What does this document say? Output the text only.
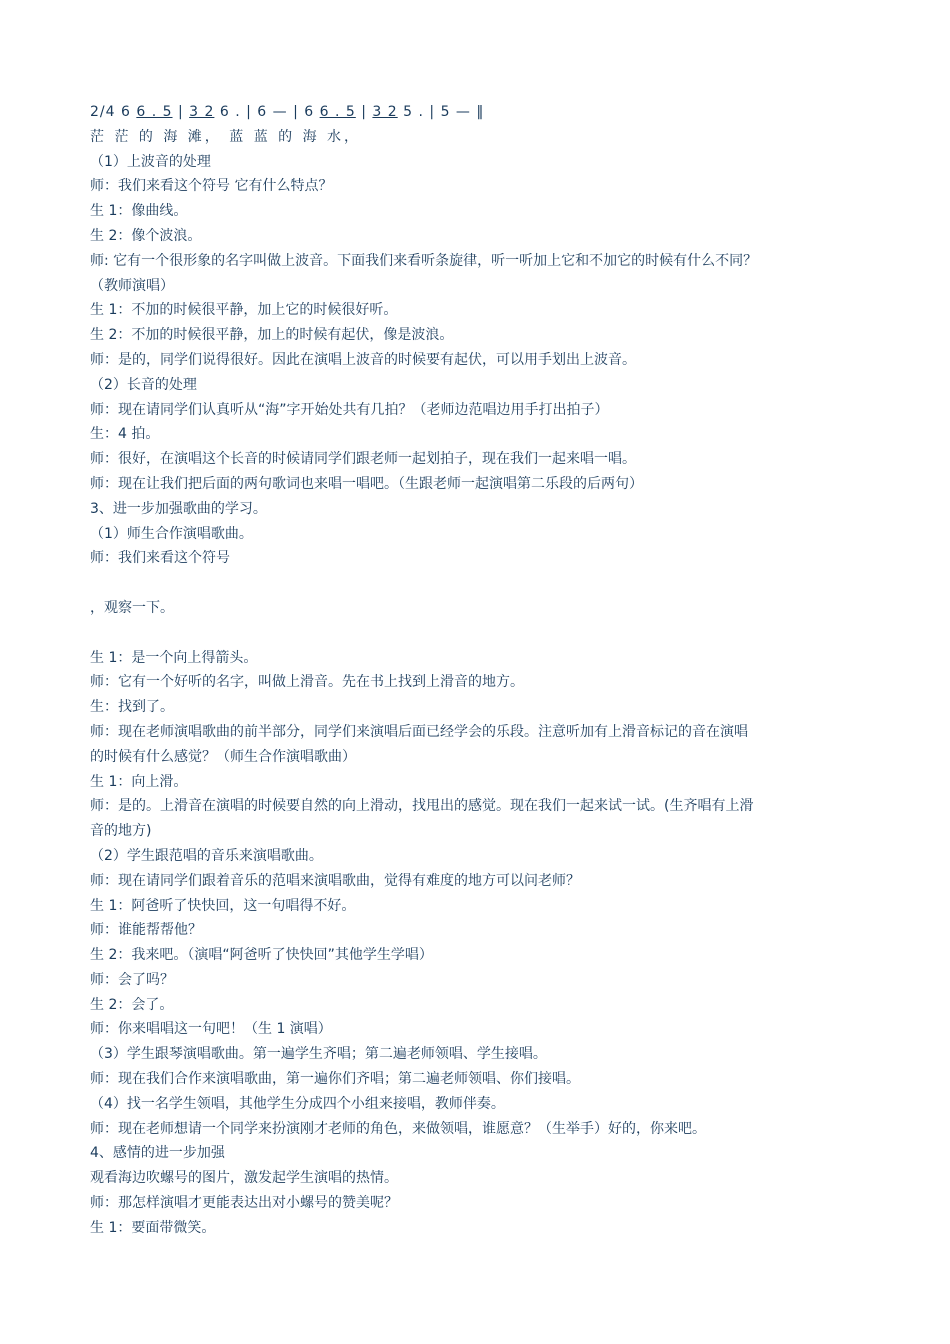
2/4 6 6 . 5 | 3 2 6 . | 6 — | 6 6 . 5 | 3 2 5 . | 5 — ‖
茫 茫 的 海 滩， 蓝 蓝 的 海 水，
（1）上波音的处理
师：我们来看这个符号 它有什么特点？
生 1：像曲线。
生 2：像个波浪。
师: 它有一个很形象的名字叫做上波音。下面我们来看听条旋律，听一听加上它和不加它的时候有什么不同？
（教师演唱）
生 1：不加的时候很平静，加上它的时候很好听。
生 2：不加的时候很平静，加上的时候有起伏，像是波浪。
师：是的，同学们说得很好。因此在演唱上波音的时候要有起伏，可以用手划出上波音。
（2）长音的处理
师：现在请同学们认真听从“海”字开始处共有几拍？（老师边范唱边用手打出拍子）
生：4 拍。
师：很好，在演唱这个长音的时候请同学们跟老师一起划拍子，现在我们一起来唱一唱。
师：现在让我们把后面的两句歌词也来唱一唱吧。（生跟老师一起演唱第二乐段的后两句）
3、进一步加强歌曲的学习。
（1）师生合作演唱歌曲。
师：我们来看这个符号
，观察一下。
生 1：是一个向上得箭头。
师：它有一个好听的名字，叫做上滑音。先在书上找到上滑音的地方。
生：找到了。
师：现在老师演唱歌曲的前半部分，同学们来演唱后面已经学会的乐段。注意听加有上滑音标记的音在演唱
的时候有什么感觉？（师生合作演唱歌曲）
生 1：向上滑。
师：是的。上滑音在演唱的时候要自然的向上滑动，找甩出的感觉。现在我们一起来试一试。(生齐唱有上滑
音的地方)
（2）学生跟范唱的音乐来演唱歌曲。
师：现在请同学们跟着音乐的范唱来演唱歌曲，觉得有难度的地方可以问老师？
生 1：阿爸听了快快回，这一句唱得不好。
师：谁能帮帮他？
生 2：我来吧。（演唱“阿爸听了快快回”其他学生学唱）
师：会了吗？
生 2：会了。
师：你来唱唱这一句吧！（生 1 演唱）
（3）学生跟琴演唱歌曲。第一遍学生齐唱；第二遍老师领唱、学生接唱。
师：现在我们合作来演唱歌曲，第一遍你们齐唱；第二遍老师领唱、你们接唱。
（4）找一名学生领唱，其他学生分成四个小组来接唱，教师伴奏。
师：现在老师想请一个同学来扮演刚才老师的角色，来做领唱，谁愿意？（生举手）好的，你来吧。
4、感情的进一步加强
观看海边吹螺号的图片，激发起学生演唱的热情。
师：那怎样演唱才更能表达出对小螺号的赞美呢？
生 1：要面带微笑。
